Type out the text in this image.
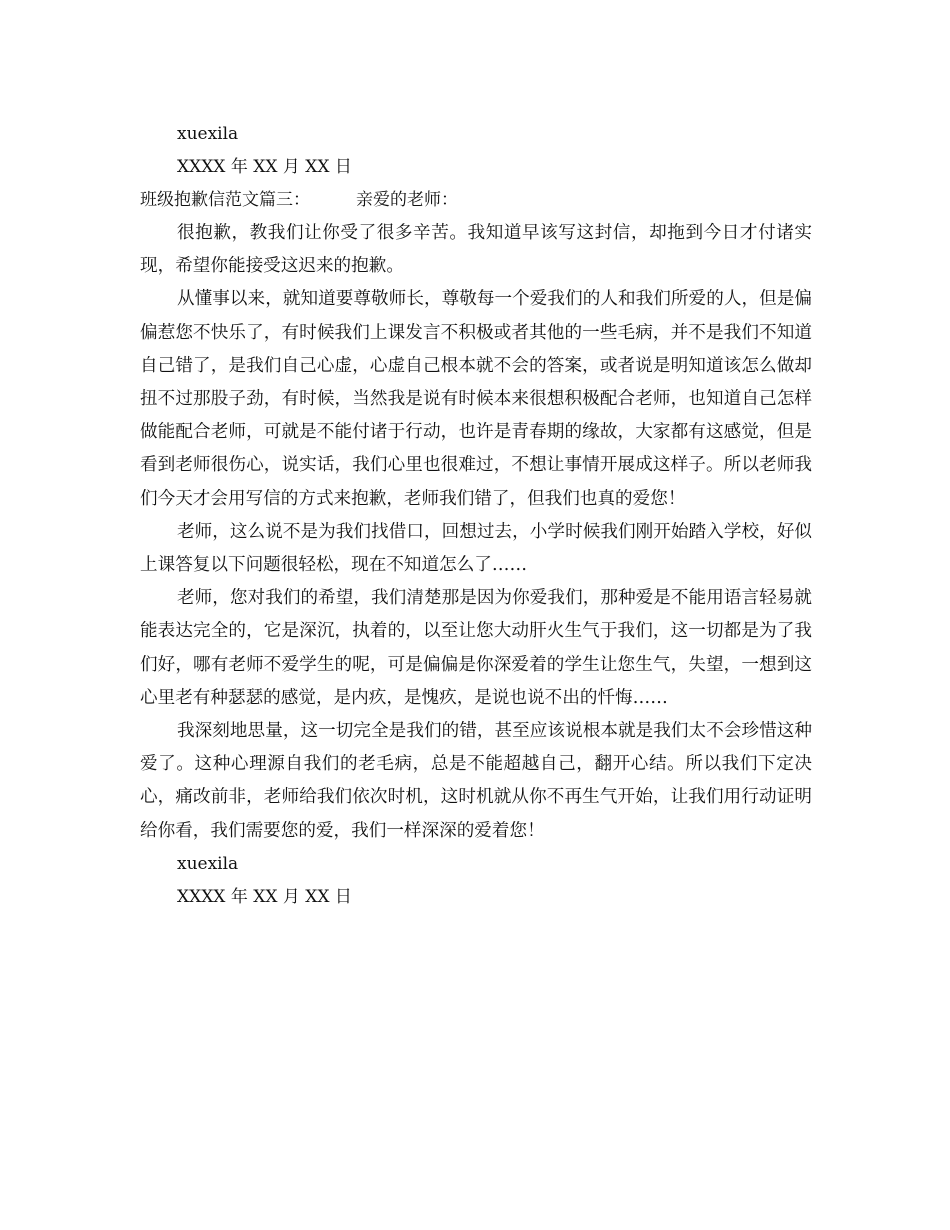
xuexila
XXXX 年 XX 月 XX 日
班级抱歉信范文篇三：	亲爱的老师：

很抱歉，教我们让你受了很多辛苦。我知道早该写这封信，却拖到今日才付诸实现，希望你能接受这迟来的抱歉。

从懂事以来，就知道要尊敬师长，尊敬每一个爱我们的人和我们所爱的人，但是偏偏惹您不快乐了，有时候我们上课发言不积极或者其他的一些毛病，并不是我们不知道自己错了，是我们自己心虚，心虚自己根本就不会的答案，或者说是明知道该怎么做却扭不过那股子劲，有时候，当然我是说有时候本来很想积极配合老师，也知道自己怎样做能配合老师，可就是不能付诸于行动，也许是青春期的缘故，大家都有这感觉，但是看到老师很伤心，说实话，我们心里也很难过，不想让事情开展成这样子。所以老师我们今天才会用写信的方式来抱歉，老师我们错了，但我们也真的爱您！

老师，这么说不是为我们找借口，回想过去，小学时候我们刚开始踏入学校，好似上课答复以下问题很轻松，现在不知道怎么了……

老师，您对我们的希望，我们清楚那是因为你爱我们，那种爱是不能用语言轻易就能表达完全的，它是深沉，执着的，以至让您大动肝火生气于我们，这一切都是为了我们好，哪有老师不爱学生的呢，可是偏偏是你深爱着的学生让您生气，失望，一想到这心里老有种瑟瑟的感觉，是内疚，是愧疚，是说也说不出的忏悔……

我深刻地思量，这一切完全是我们的错，甚至应该说根本就是我们太不会珍惜这种爱了。这种心理源自我们的老毛病，总是不能超越自己，翻开心结。所以我们下定决心，痛改前非，老师给我们依次时机，这时机就从你不再生气开始，让我们用行动证明给你看，我们需要您的爱，我们一样深深的爱着您！

xuexila
XXXX 年 XX 月 XX 日
